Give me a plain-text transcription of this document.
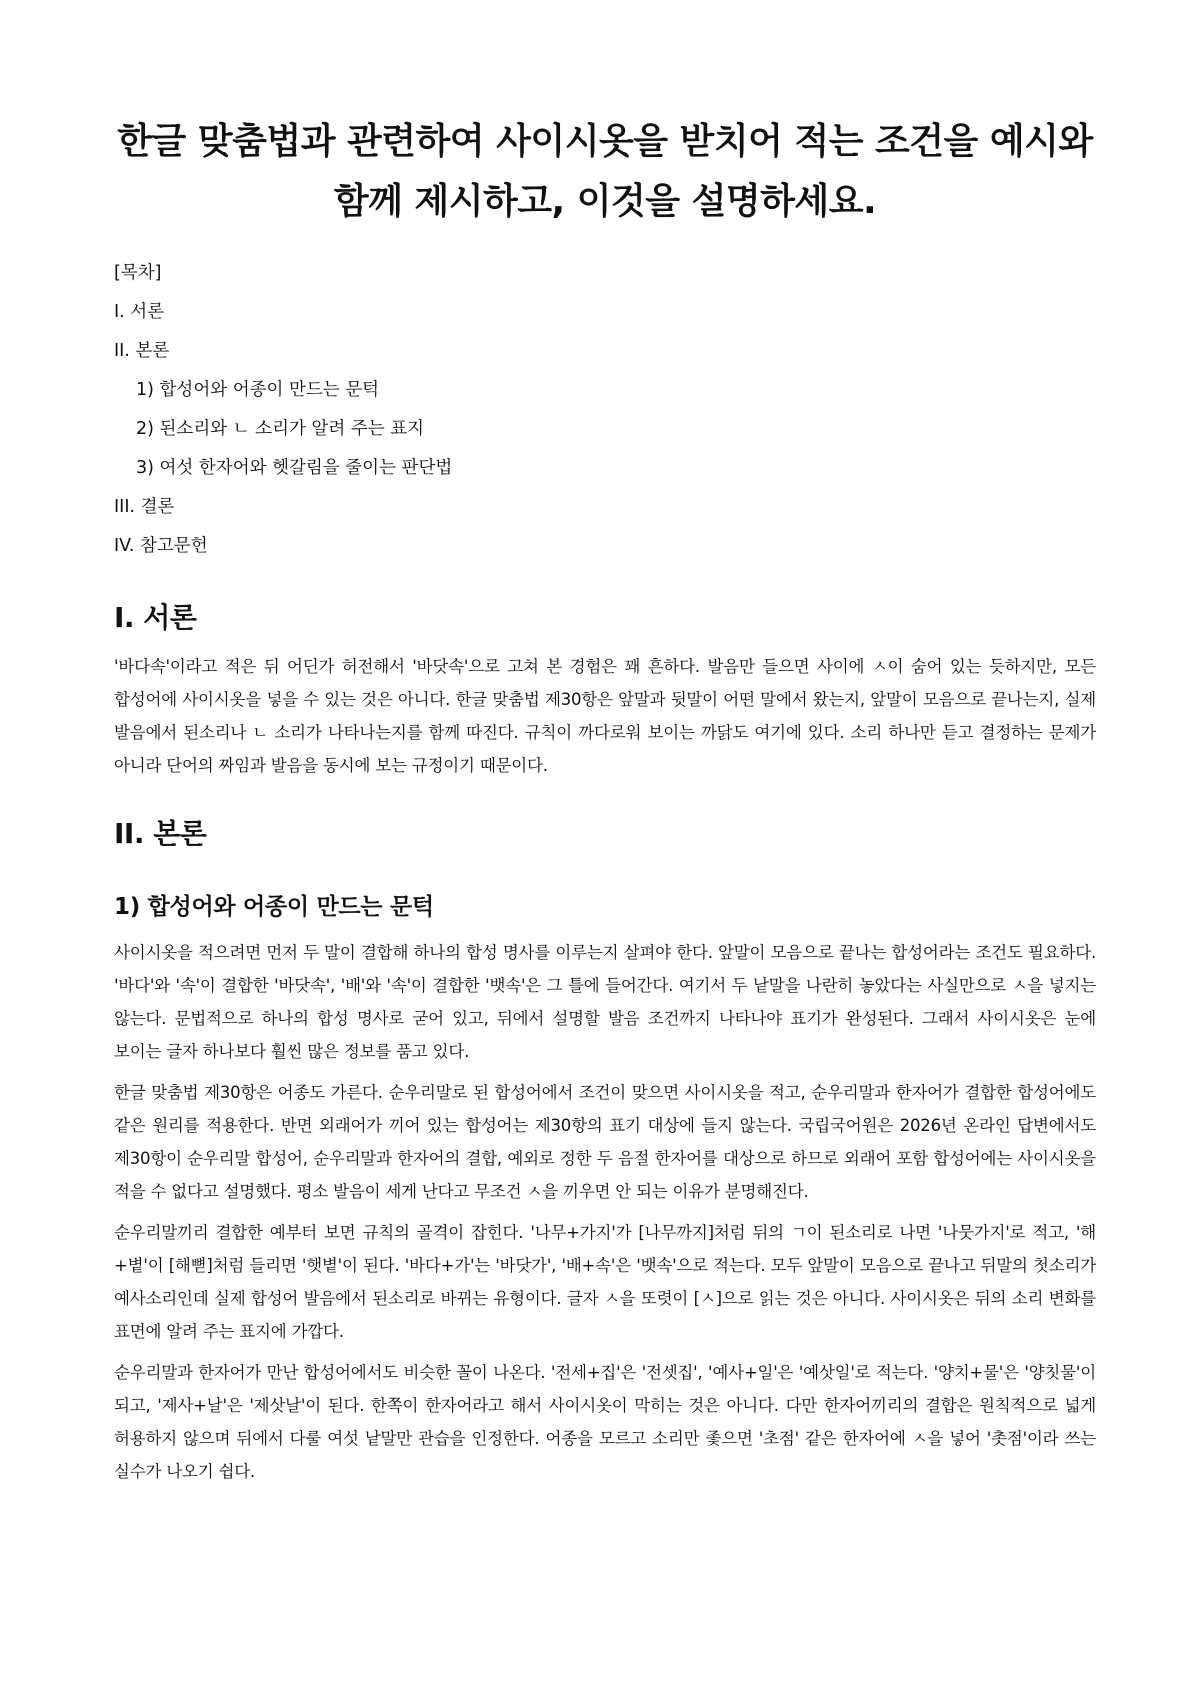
한글 맞춤법과 관련하여 사이시옷을 받치어 적는 조건을 예시와 함께 제시하고, 이것을 설명하세요.

[목차]

I. 서론

II. 본론

1) 합성어와 어종이 만드는 문턱

2) 된소리와 ㄴ 소리가 알려 주는 표지

3) 여섯 한자어와 헷갈림을 줄이는 판단법

III. 결론

IV. 참고문헌

I. 서론

'바다속'이라고 적은 뒤 어딘가 허전해서 '바닷속'으로 고쳐 본 경험은 꽤 흔하다. 발음만 들으면 사이에 ㅅ이 숨어 있는 듯하지만, 모든 합성어에 사이시옷을 넣을 수 있는 것은 아니다. 한글 맞춤법 제30항은 앞말과 뒷말이 어떤 말에서 왔는지, 앞말이 모음으로 끝나는지, 실제 발음에서 된소리나 ㄴ 소리가 나타나는지를 함께 따진다. 규칙이 까다로워 보이는 까닭도 여기에 있다. 소리 하나만 듣고 결정하는 문제가 아니라 단어의 짜임과 발음을 동시에 보는 규정이기 때문이다.

II. 본론
1) 합성어와 어종이 만드는 문턱

사이시옷을 적으려면 먼저 두 말이 결합해 하나의 합성 명사를 이루는지 살펴야 한다. 앞말이 모음으로 끝나는 합성어라는 조건도 필요하다. '바다'와 '속'이 결합한 '바닷속', '배'와 '속'이 결합한 '뱃속'은 그 틀에 들어간다. 여기서 두 낱말을 나란히 놓았다는 사실만으로 ㅅ을 넣지는 않는다. 문법적으로 하나의 합성 명사로 굳어 있고, 뒤에서 설명할 발음 조건까지 나타나야 표기가 완성된다. 그래서 사이시옷은 눈에 보이는 글자 하나보다 훨씬 많은 정보를 품고 있다.

한글 맞춤법 제30항은 어종도 가른다. 순우리말로 된 합성어에서 조건이 맞으면 사이시옷을 적고, 순우리말과 한자어가 결합한 합성어에도 같은 원리를 적용한다. 반면 외래어가 끼어 있는 합성어는 제30항의 표기 대상에 들지 않는다. 국립국어원은 2026년 온라인 답변에서도 제30항이 순우리말 합성어, 순우리말과 한자어의 결합, 예외로 정한 두 음절 한자어를 대상으로 하므로 외래어 포함 합성어에는 사이시옷을 적을 수 없다고 설명했다. 평소 발음이 세게 난다고 무조건 ㅅ을 끼우면 안 되는 이유가 분명해진다.

순우리말끼리 결합한 예부터 보면 규칙의 골격이 잡힌다. '나무+가지'가 [나무까지]처럼 뒤의 ㄱ이 된소리로 나면 '나뭇가지'로 적고, '해+볕'이 [해뼏]처럼 들리면 '햇볕'이 된다. '바다+가'는 '바닷가', '배+속'은 '뱃속'으로 적는다. 모두 앞말이 모음으로 끝나고 뒤말의 첫소리가 예사소리인데 실제 합성어 발음에서 된소리로 바뀌는 유형이다. 글자 ㅅ을 또렷이 [ㅅ]으로 읽는 것은 아니다. 사이시옷은 뒤의 소리 변화를 표면에 알려 주는 표지에 가깝다.

순우리말과 한자어가 만난 합성어에서도 비슷한 꼴이 나온다. '전세+집'은 '전셋집', '예사+일'은 '예삿일'로 적는다. '양치+물'은 '양칫물'이 되고, '제사+날'은 '제삿날'이 된다. 한쪽이 한자어라고 해서 사이시옷이 막히는 것은 아니다. 다만 한자어끼리의 결합은 원칙적으로 넓게 허용하지 않으며 뒤에서 다룰 여섯 낱말만 관습을 인정한다. 어종을 모르고 소리만 좇으면 '초점' 같은 한자어에 ㅅ을 넣어 '촛점'이라 쓰는 실수가 나오기 쉽다.
